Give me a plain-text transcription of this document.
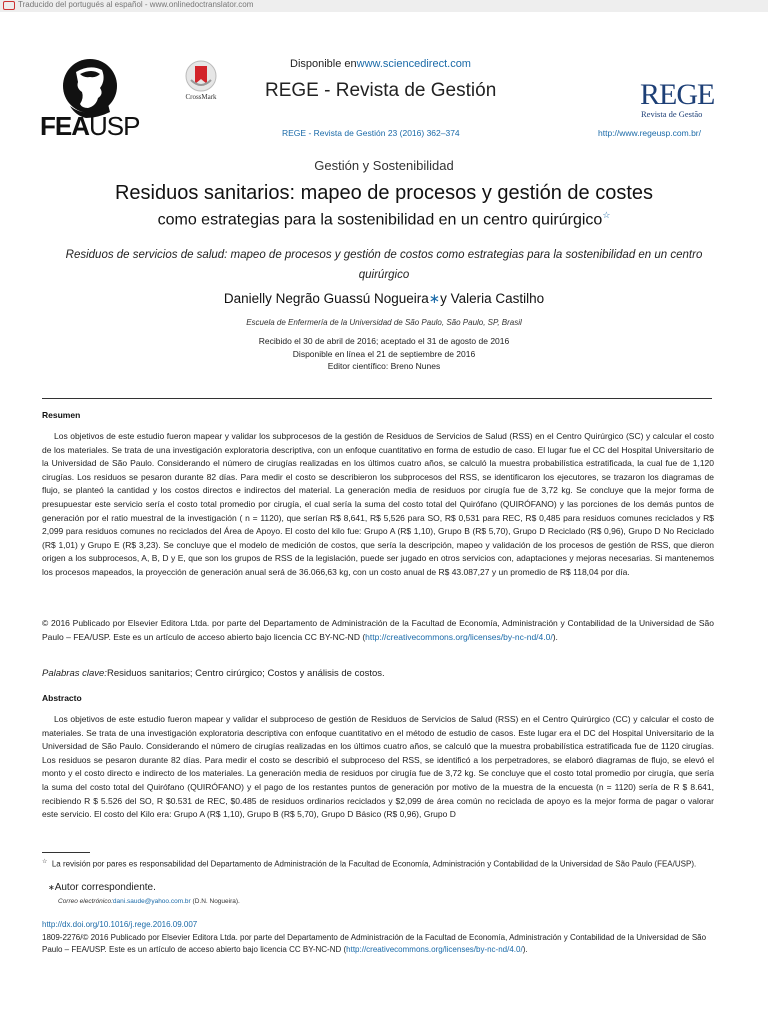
Traducido del portugués al español - www.onlinedoctranslator.com
FEAUSP
CrossMark
Disponible enwww.sciencedirect.com
REGE - Revista de Gestión
REGE - Revista de Gestión 23 (2016) 362–374	http://www.regeusp.com.br/
REGE
Revista de Gestão
Gestión y Sostenibilidad
Residuos sanitarios: mapeo de procesos y gestión de costes
como estrategias para la sostenibilidad en un centro quirúrgico☆
Residuos de servicios de salud: mapeo de procesos y gestión de costos como estrategias para la sostenibilidad en un centro quirúrgico
Danielly Negrão Guassú Nogueira∗y Valeria Castilho
Escuela de Enfermería de la Universidad de São Paulo, São Paulo, SP, Brasil
Recibido el 30 de abril de 2016; aceptado el 31 de agosto de 2016
Disponible en línea el 21 de septiembre de 2016
Editor científico: Breno Nunes
Resumen
Los objetivos de este estudio fueron mapear y validar los subprocesos de la gestión de Residuos de Servicios de Salud (RSS) en el Centro Quirúrgico (SC) y calcular el costo de los materiales. Se trata de una investigación exploratoria descriptiva, con un enfoque cuantitativo en forma de estudio de caso. El lugar fue el CC del Hospital Universitario de la Universidad de São Paulo. Considerando el número de cirugías realizadas en los últimos cuatro años, se calculó la muestra probabilística estratificada, la cual fue de 1,120 cirugías. Los residuos se pesaron durante 82 días. Para medir el costo se describieron los subprocesos del RSS, se identificaron los ejecutores, se trazaron los diagramas de flujo, se planteó la cantidad y los costos directos e indirectos del material. La generación media de residuos por cirugía fue de 3,72 kg. Se concluye que la mejor forma de presupuestar este servicio sería el costo total promedio por cirugía, el cual sería la suma del costo total del Quirófano (QUIRÓFANO) y las porciones de los demás puntos de generación por el ratio muestral de la investigación ( n = 1120), que serían R$ 8,641, R$ 5,526 para SO, R$ 0,531 para REC, R$ 0,485 para residuos comunes reciclados y R$ 2,099 para residuos comunes no reciclados del Área de Apoyo. El costo del kilo fue: Grupo A (R$ 1,10), Grupo B (R$ 5,70), Grupo D Reciclado (R$ 0,96), Grupo D No Reciclado (R$ 1,01) y Grupo E (R$ 3,23). Se concluye que el modelo de medición de costos, que sería la descripción, mapeo y validación de los procesos de gestión de RSS, que dieron origen a los subprocesos, A, B, D y E, que son los grupos de RSS de la legislación, puede ser jugado en otros servicios con, adaptaciones y mejoras necesarias. Si mantenemos los procesos mapeados, la proyección de generación anual será de 36.066,63 kg, con un costo anual de R$ 43.087,27 y un promedio de R$ 118,04 por día.
© 2016 Publicado por Elsevier Editora Ltda. por parte del Departamento de Administración de la Facultad de Economía, Administración y Contabilidad de la Universidad de São Paulo – FEA/USP. Este es un artículo de acceso abierto bajo licencia CC BY-NC-ND (http://creativecommons.org/licenses/by-nc-nd/4.0/).
Palabras clave:Residuos sanitarios; Centro cirúrgico; Costos y análisis de costos.
Abstracto
Los objetivos de este estudio fueron mapear y validar el subproceso de gestión de Residuos de Servicios de Salud (RSS) en el Centro Quirúrgico (CC) y calcular el costo de materiales. Se trata de una investigación exploratoria descriptiva con enfoque cuantitativo en el método de estudio de casos. Este lugar era el DC del Hospital Universitario de la Universidad de São Paulo. Considerando el número de cirugías realizadas en los últimos cuatro años, se calculó que la muestra probabilística estratificada fue de 1120 cirugías. Los residuos se pesaron durante 82 días. Para medir el costo se describió el subproceso del RSS, se identificó a los perpetradores, se elaboró diagramas de flujo, se elevó el monto y el costo directo e indirecto de los materiales. La generación media de residuos por cirugía fue de 3,72 kg. Se concluye que el costo total promedio por cirugía, que sería la suma del costo total del Quirófano (QUIRÓFANO) y el pago de los restantes puntos de generación por motivo de la muestra de la encuesta (n = 1120) sería de R $ 8.641, recibiendo R $ 5.526 del SO, R $0.531 de REC, $0.485 de residuos ordinarios reciclados y $2,099 de área común no reciclada de apoyo es la mejor forma de pagar o valorar este servicio. El costo del Kilo era: Grupo A (R$ 1,10), Grupo B (R$ 5,70), Grupo D Básico (R$ 0,96), Grupo D
☆ La revisión por pares es responsabilidad del Departamento de Administración de la Facultad de Economía, Administración y Contabilidad de la Universidad de São Paulo (FEA/USP).
∗Autor correspondiente.
Correo electrónico:dani.saude@yahoo.com.br (D.N. Nogueira).
http://dx.doi.org/10.1016/j.rege.2016.09.007
1809-2276/© 2016 Publicado por Elsevier Editora Ltda. por parte del Departamento de Administración de la Facultad de Economía, Administración y Contabilidad de la Universidad de São Paulo – FEA/USP. Este es un artículo de acceso abierto bajo licencia CC BY-NC-ND (http://creativecommons.org/licenses/by-nc-nd/4.0/).
